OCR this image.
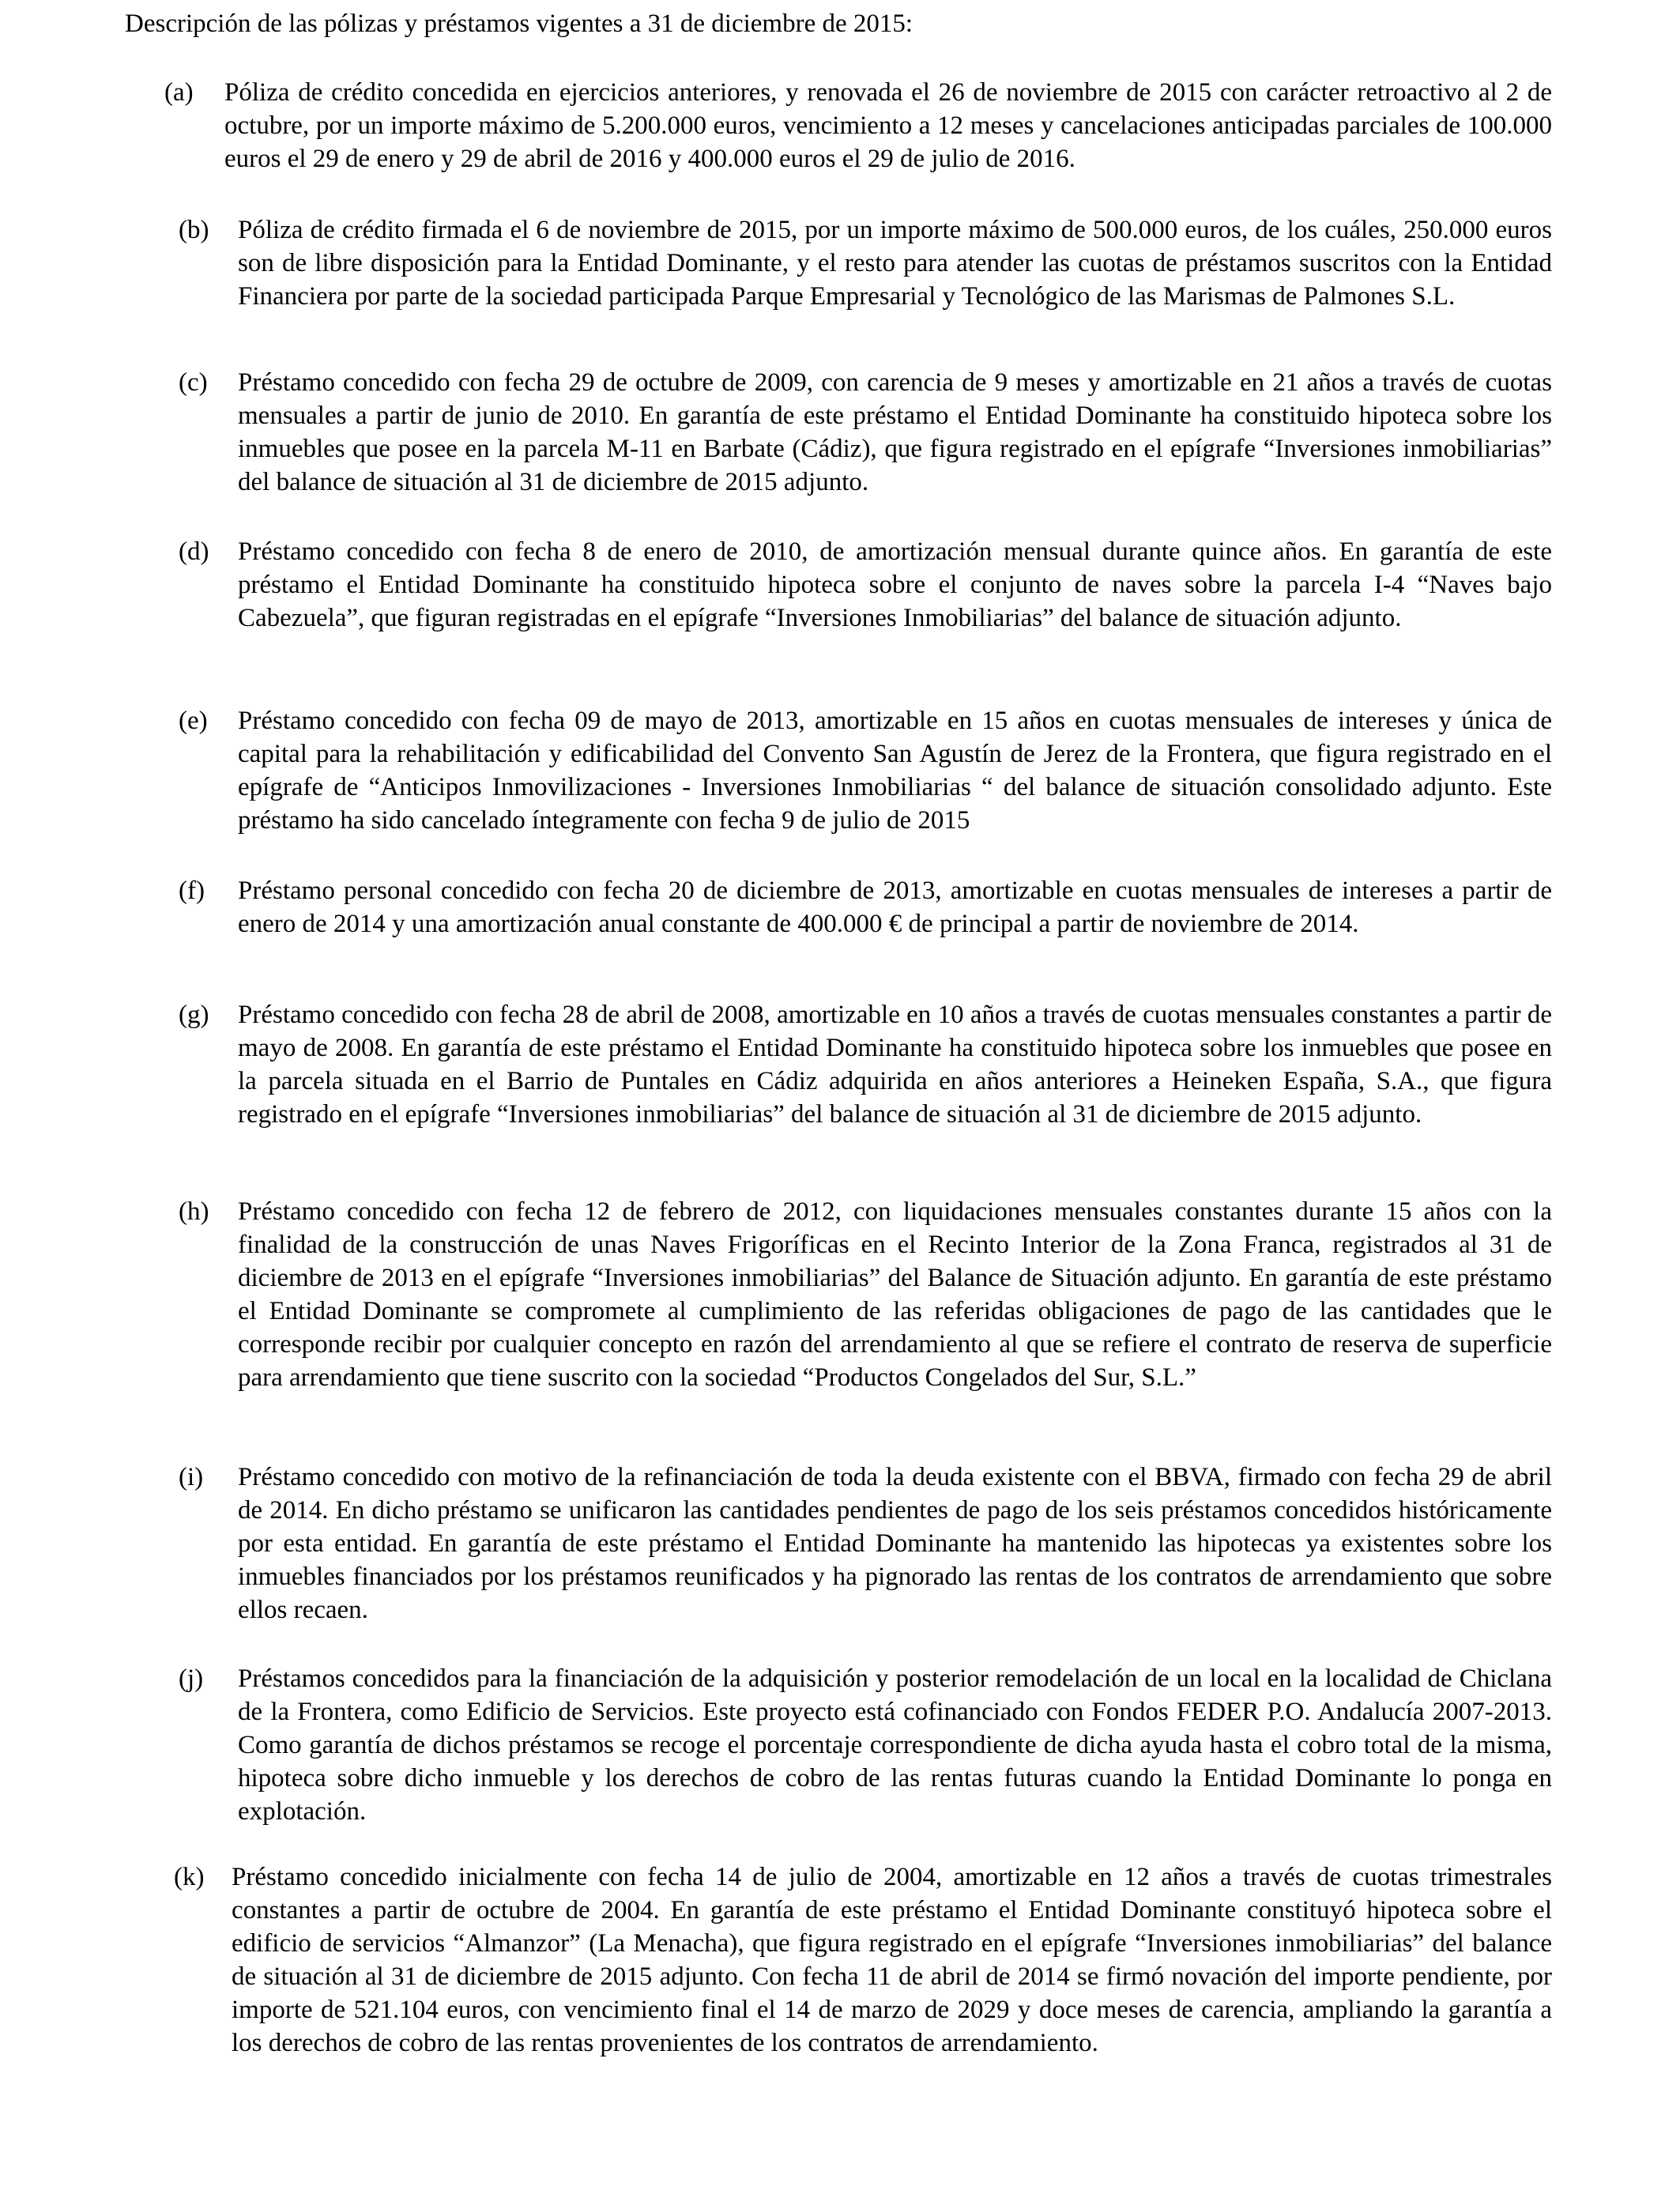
Descripción de las pólizas y préstamos vigentes a 31 de diciembre de 2015:
(a) Póliza de crédito concedida en ejercicios anteriores, y renovada el 26 de noviembre de 2015 con carácter retroactivo al 2 de octubre, por un importe máximo de 5.200.000 euros, vencimiento a 12 meses y cancelaciones anticipadas parciales de 100.000 euros el 29 de enero y 29 de abril de 2016 y 400.000 euros el 29 de julio de 2016.
(b) Póliza de crédito firmada el 6 de noviembre de 2015, por un importe máximo de 500.000 euros, de los cuáles, 250.000 euros son de libre disposición para la Entidad Dominante, y el resto para atender las cuotas de préstamos suscritos con la Entidad Financiera por parte de la sociedad participada Parque Empresarial y Tecnológico de las Marismas de Palmones S.L.
(c) Préstamo concedido con fecha 29 de octubre de 2009, con carencia de 9 meses y amortizable en 21 años a través de cuotas mensuales a partir de junio de 2010. En garantía de este préstamo el Entidad Dominante ha constituido hipoteca sobre los inmuebles que posee en la parcela M-11 en Barbate (Cádiz), que figura registrado en el epígrafe “Inversiones inmobiliarias” del balance de situación al 31 de diciembre de 2015 adjunto.
(d) Préstamo concedido con fecha 8 de enero de 2010, de amortización mensual durante quince años. En garantía de este préstamo el Entidad Dominante ha constituido hipoteca sobre el conjunto de naves sobre la parcela I-4 “Naves bajo Cabezuela”, que figuran registradas en el epígrafe “Inversiones Inmobiliarias” del balance de situación adjunto.
(e) Préstamo concedido con fecha 09 de mayo de 2013, amortizable en 15 años en cuotas mensuales de intereses y única de capital para la rehabilitación y edificabilidad del Convento San Agustín de Jerez de la Frontera, que figura registrado en el epígrafe de “Anticipos Inmovilizaciones - Inversiones Inmobiliarias “ del balance de situación consolidado adjunto. Este préstamo ha sido cancelado íntegramente con fecha 9 de julio de 2015
(f) Préstamo personal concedido con fecha 20 de diciembre de 2013, amortizable en cuotas mensuales de intereses a partir de enero de 2014 y una amortización anual constante de 400.000 € de principal a partir de noviembre de 2014.
(g) Préstamo concedido con fecha 28 de abril de 2008, amortizable en 10 años a través de cuotas mensuales constantes a partir de mayo de 2008. En garantía de este préstamo el Entidad Dominante ha constituido hipoteca sobre los inmuebles que posee en la parcela situada en el Barrio de Puntales en Cádiz adquirida en años anteriores a Heineken España, S.A., que figura registrado en el epígrafe “Inversiones inmobiliarias” del balance de situación al 31 de diciembre de 2015 adjunto.
(h) Préstamo concedido con fecha 12 de febrero de 2012, con liquidaciones mensuales constantes durante 15 años con la finalidad de la construcción de unas Naves Frigoríficas en el Recinto Interior de la Zona Franca, registrados al 31 de diciembre de 2013 en el epígrafe “Inversiones inmobiliarias” del Balance de Situación adjunto. En garantía de este préstamo el Entidad Dominante se compromete al cumplimiento de las referidas obligaciones de pago de las cantidades que le corresponde recibir por cualquier concepto en razón del arrendamiento al que se refiere el contrato de reserva de superficie para arrendamiento que tiene suscrito con la sociedad “Productos Congelados del Sur, S.L.”
(i) Préstamo concedido con motivo de la refinanciación de toda la deuda existente con el BBVA, firmado con fecha 29 de abril de 2014. En dicho préstamo se unificaron las cantidades pendientes de pago de los seis préstamos concedidos históricamente por esta entidad. En garantía de este préstamo el Entidad Dominante ha mantenido las hipotecas ya existentes sobre los inmuebles financiados por los préstamos reunificados y ha pignorado las rentas de los contratos de arrendamiento que sobre ellos recaen.
(j) Préstamos concedidos para la financiación de la adquisición y posterior remodelación de un local en la localidad de Chiclana de la Frontera, como Edificio de Servicios. Este proyecto está cofinanciado con Fondos FEDER P.O. Andalucía 2007-2013. Como garantía de dichos préstamos se recoge el porcentaje correspondiente de dicha ayuda hasta el cobro total de la misma, hipoteca sobre dicho inmueble y los derechos de cobro de las rentas futuras cuando la Entidad Dominante lo ponga en explotación.
(k) Préstamo concedido inicialmente con fecha 14 de julio de 2004, amortizable en 12 años a través de cuotas trimestrales constantes a partir de octubre de 2004. En garantía de este préstamo el Entidad Dominante constituyó hipoteca sobre el edificio de servicios “Almanzor” (La Menacha), que figura registrado en el epígrafe “Inversiones inmobiliarias” del balance de situación al 31 de diciembre de 2015 adjunto. Con fecha 11 de abril de 2014 se firmó novación del importe pendiente, por importe de 521.104 euros, con vencimiento final el 14 de marzo de 2029 y doce meses de carencia, ampliando la garantía a los derechos de cobro de las rentas provenientes de los contratos de arrendamiento.
